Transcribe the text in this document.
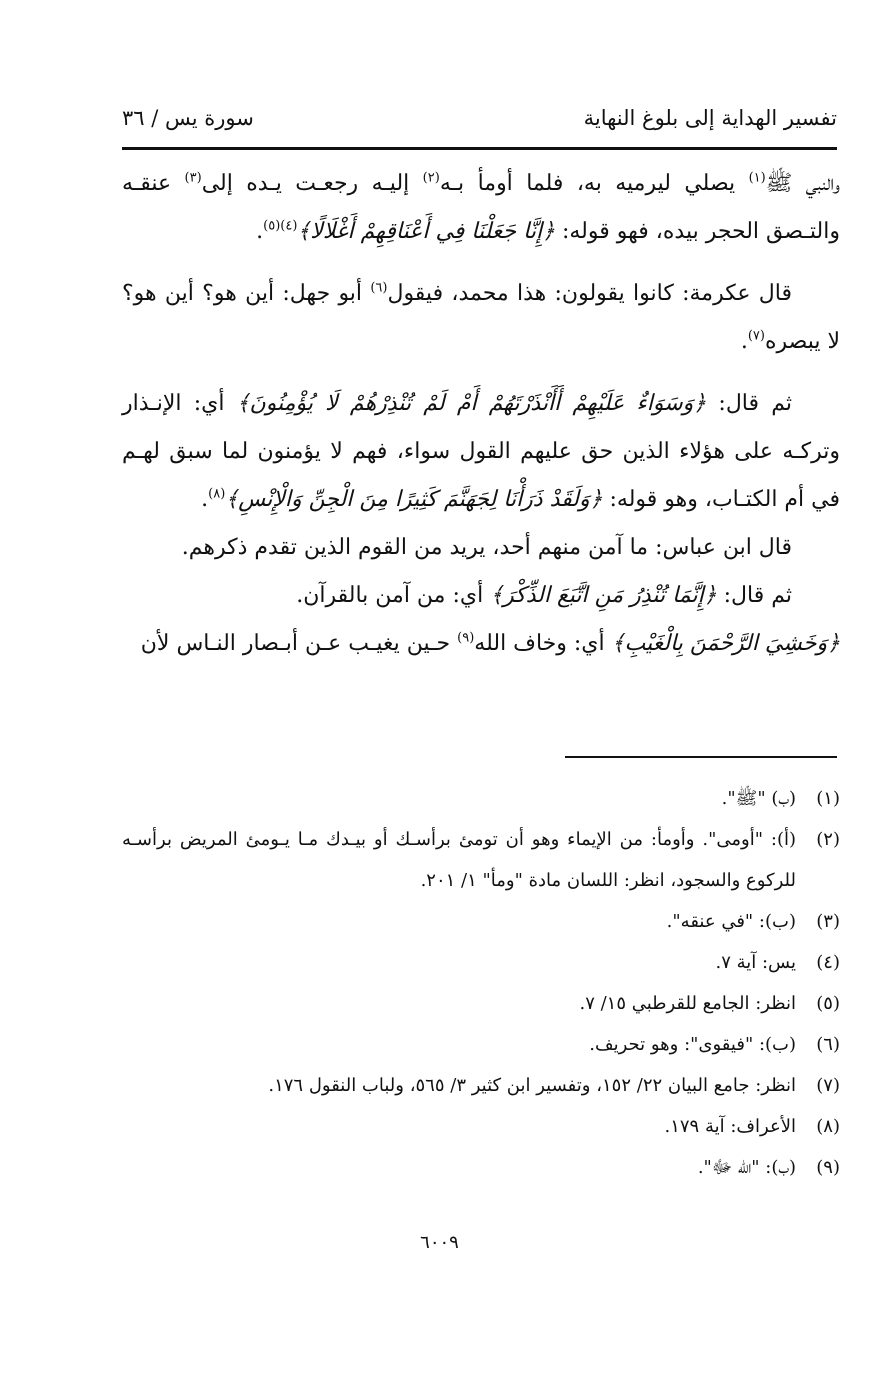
تفسير الهداية إلى بلوغ النهاية
سورة يس / ٣٦

والنبي ﷺ$^{(١)}$ يصلي ليرميه به، فلما أومأ بـه$^{(٢)}$ إليـه رجعـت يـده إلى$^{(٣)}$ عنقـه والتـصق الحجر بيده، فهو قوله: ﴿إِنَّا جَعَلْنَا فِي أَعْنَاقِهِمْ أَغْلَالًا﴾$^{(٤)(٥)}$.

قال عكرمة: كانوا يقولون: هذا محمد، فيقول$^{(٦)}$ أبو جهل: أين هو؟ أين هو؟ لا يبصره$^{(٧)}$.

ثم قال: ﴿وَسَوَاءٌ عَلَيْهِمْ أَأَنْذَرْتَهُمْ أَمْ لَمْ تُنْذِرْهُمْ لَا يُؤْمِنُونَ﴾ أي: الإنـذار وتركـه على هؤلاء الذين حق عليهم القول سواء، فهم لا يؤمنون لما سبق لهـم في أم الكتـاب، وهو قوله: ﴿وَلَقَدْ ذَرَأْنَا لِجَهَنَّمَ كَثِيرًا مِنَ الْجِنِّ وَالْإِنْسِ﴾$^{(٨)}$.

قال ابن عباس: ما آمن منهم أحد، يريد من القوم الذين تقدم ذكرهم.

ثم قال: ﴿إِنَّمَا تُنْذِرُ مَنِ اتَّبَعَ الذِّكْرَ﴾ أي: من آمن بالقرآن.

﴿وَخَشِيَ الرَّحْمَنَ بِالْغَيْبِ﴾ أي: وخاف الله$^{(٩)}$ حـين يغيـب عـن أبـصار النـاس لأن

(١)
(ب) "ﷺ".
(٢)
(أ): "أومى". وأومأ: من الإيماء وهو أن تومئ برأسـك أو بيـدك مـا يـومئ المريض برأسـه للركوع والسجود، انظر: اللسان مادة "ومأ" ١/ ٢٠١.
(٣)
(ب): "في عنقه".
(٤)
يس: آية ٧.
(٥)
انظر: الجامع للقرطبي ١٥/ ٧.
(٦)
(ب): "فيقوى": وهو تحريف.
(٧)
انظر: جامع البيان ٢٢/ ١٥٢، وتفسير ابن كثير ٣/ ٥٦٥، ولباب النقول ١٧٦.
(٨)
الأعراف: آية ١٧٩.
(٩)
(ب): "الله ﷻ".
٦٠٠٩
